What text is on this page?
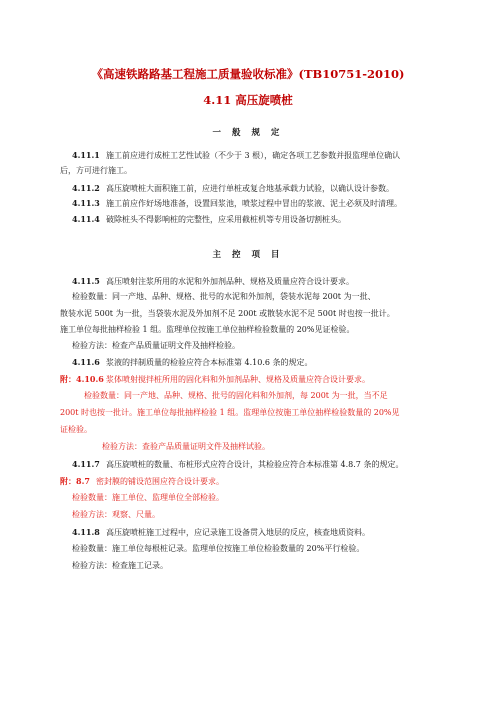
《高速铁路路基工程施工质量验收标准》(TB10751-2010)
4.11 高压旋喷桩
一 般 规 定
4.11.1 施工前应进行成桩工艺性试验（不少于 3 根），确定各项工艺参数并报监理单位确认
后，方可进行施工。
4.11.2 高压旋喷桩大面积施工前，应进行单桩或复合地基承载力试验，以确认设计参数。
4.11.3 施工前应作好场地准备，设置回浆池，喷浆过程中冒出的浆液、泥土必须及时清理。
4.11.4 破除桩头不得影响桩的完整性，应采用截桩机等专用设备切割桩头。
主 控 项 目
4.11.5 高压喷射注浆所用的水泥和外加剂品种、规格及质量应符合设计要求。
检验数量：同一产地、品种、规格、批号的水泥和外加剂，袋装水泥每 200t 为一批、
散装水泥 500t 为一批，当袋装水泥及外加剂不足 200t 或散装水泥不足 500t 时也按一批计。
施工单位每批抽样检验 1 组。监理单位按施工单位抽样检验数量的 20%见证检验。
检验方法：检查产品质量证明文件及抽样检验。
4.11.6 浆液的拌制质量的检验应符合本标准第 4.10.6 条的规定。
附：4.10.6 浆体喷射搅拌桩所用的固化料和外加剂品种、规格及质量应符合设计要求。
检验数量：同一产地、品种、规格、批号的固化料和外加剂，每 200t 为一批，当不足
200t 时也按一批计。施工单位每批抽样检验 1 组。监理单位按施工单位抽样检验数量的 20%见
证检验。
检验方法：查验产品质量证明文件及抽样试验。
4.11.7 高压旋喷桩的数量、布桩形式应符合设计，其检验应符合本标准第 4.8.7 条的规定。
附：8.7 密封膜的铺设范围应符合设计要求。
检验数量：施工单位、监理单位全部检验。
检验方法：观察、尺量。
4.11.8 高压旋喷桩施工过程中，应记录施工设备贯入地层的反应，核查地质资料。
检验数量：施工单位每根桩记录。监理单位按施工单位检验数量的 20%平行检验。
检验方法：检查施工记录。
